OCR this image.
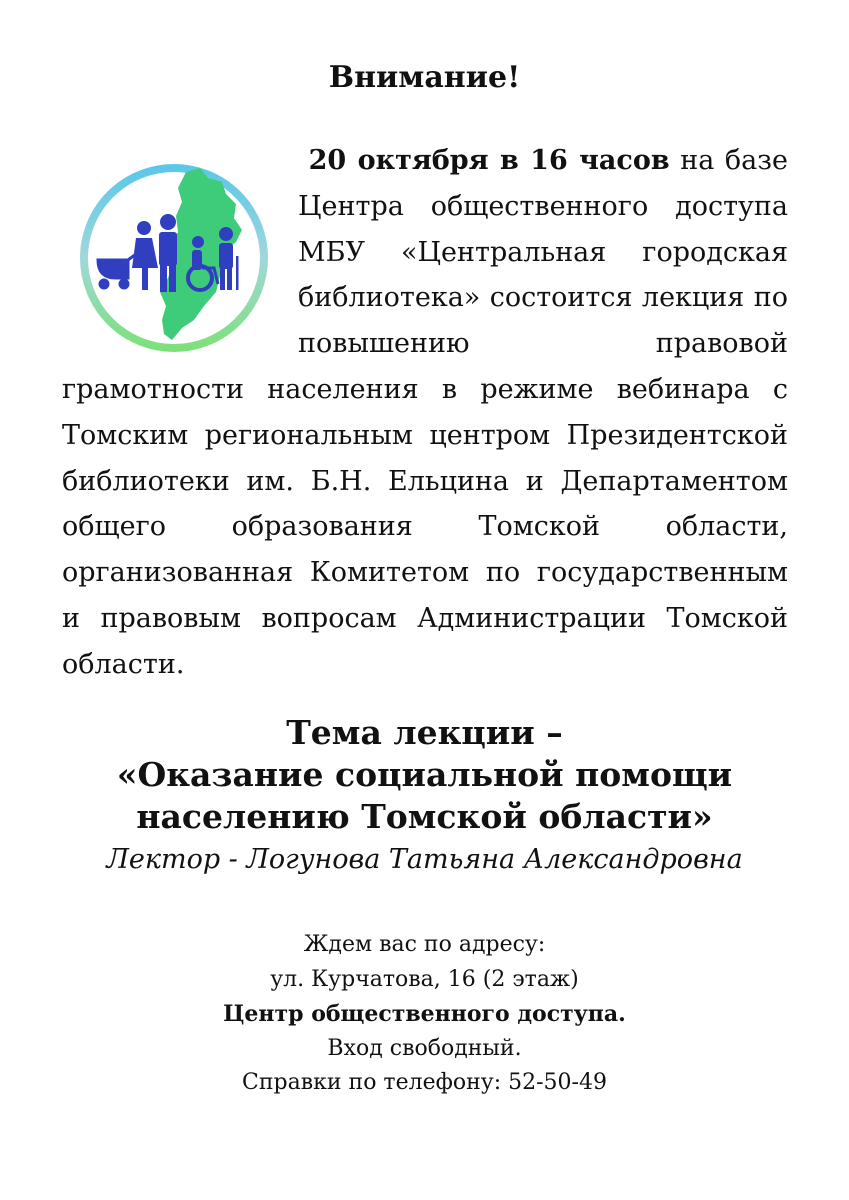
Внимание!
20 октября в 16 часов на базе Центра общественного доступа МБУ «Центральная городская библиотека» состоится лекция по повышению правовой грамотности населения в режиме вебинара с Томским региональным центром Президентской библиотеки им. Б.Н. Ельцина и Департаментом общего образования Томской области, организованная Комитетом по государственным и правовым вопросам Администрации Томской области.
Тема лекции –
«Оказание социальной помощи
населению Томской области»
Лектор - Логунова Татьяна Александровна
Ждем вас по адресу:
ул. Курчатова, 16 (2 этаж)
Центр общественного доступа.
Вход свободный.
Справки по телефону: 52-50-49
